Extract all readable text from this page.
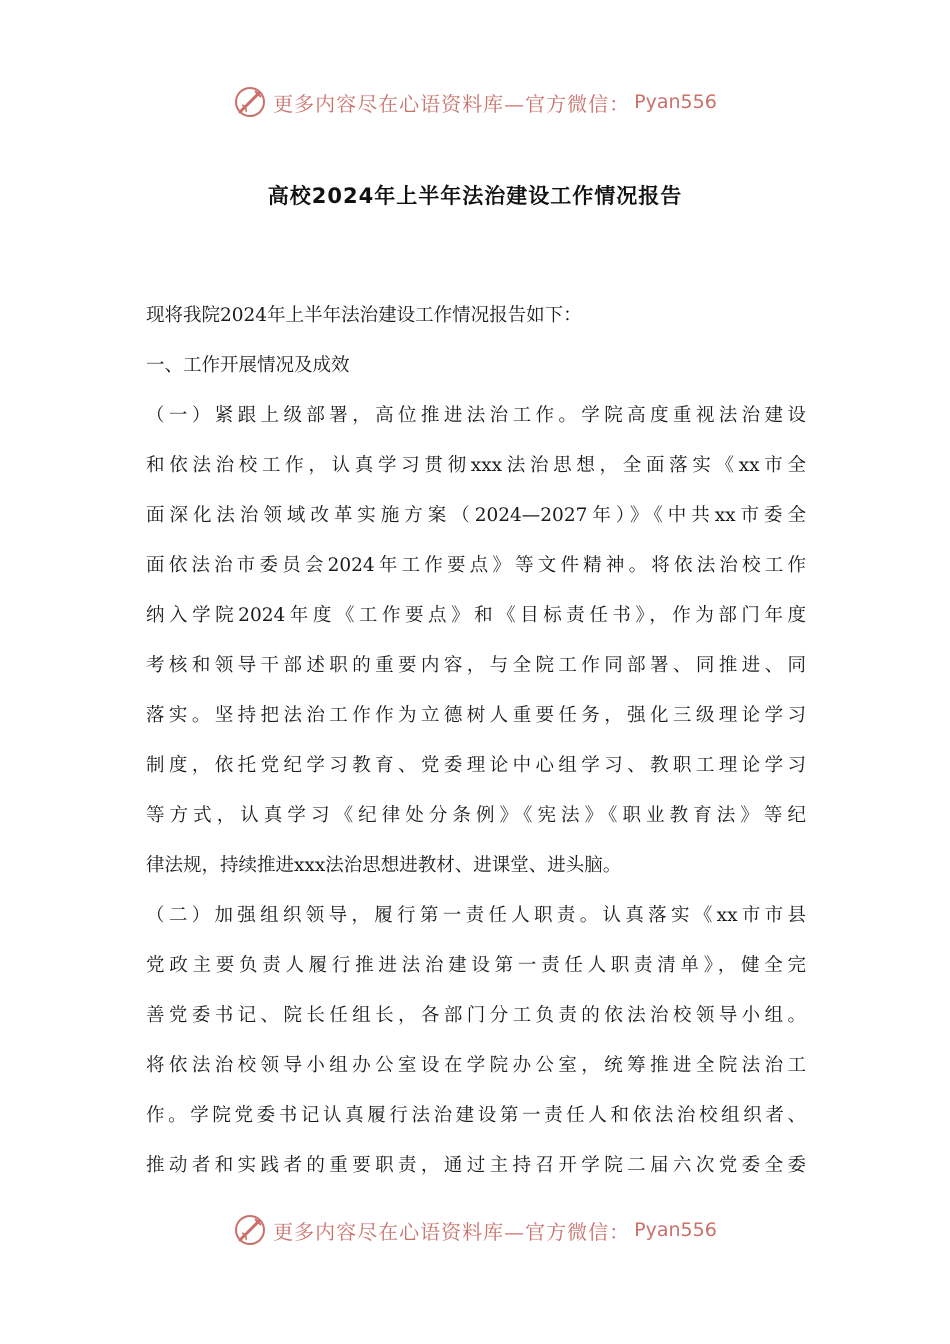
更多内容尽在心语资料库—官方微信： Pyan556
高校2024年上半年法治建设工作情况报告
现将我院2024年上半年法治建设工作情况报告如下：
一、工作开展情况及成效
（一）紧跟上级部署，高位推进法治工作。学院高度重视法治建设
和依法治校工作，认真学习贯彻xxx法治思想，全面落实《xx市全
面深化法治领域改革实施方案（2024—2027年）》《中共xx市委全
面依法治市委员会2024年工作要点》等文件精神。将依法治校工作
纳入学院2024年度《工作要点》和《目标责任书》，作为部门年度
考核和领导干部述职的重要内容，与全院工作同部署、同推进、同
落实。坚持把法治工作作为立德树人重要任务，强化三级理论学习
制度，依托党纪学习教育、党委理论中心组学习、教职工理论学习
等方式，认真学习《纪律处分条例》《宪法》《职业教育法》等纪
律法规，持续推进xxx法治思想进教材、进课堂、进头脑。
（二）加强组织领导，履行第一责任人职责。认真落实《xx市市县
党政主要负责人履行推进法治建设第一责任人职责清单》，健全完
善党委书记、院长任组长，各部门分工负责的依法治校领导小组。
将依法治校领导小组办公室设在学院办公室，统筹推进全院法治工
作。学院党委书记认真履行法治建设第一责任人和依法治校组织者、
推动者和实践者的重要职责，通过主持召开学院二届六次党委全委
更多内容尽在心语资料库—官方微信： Pyan556
